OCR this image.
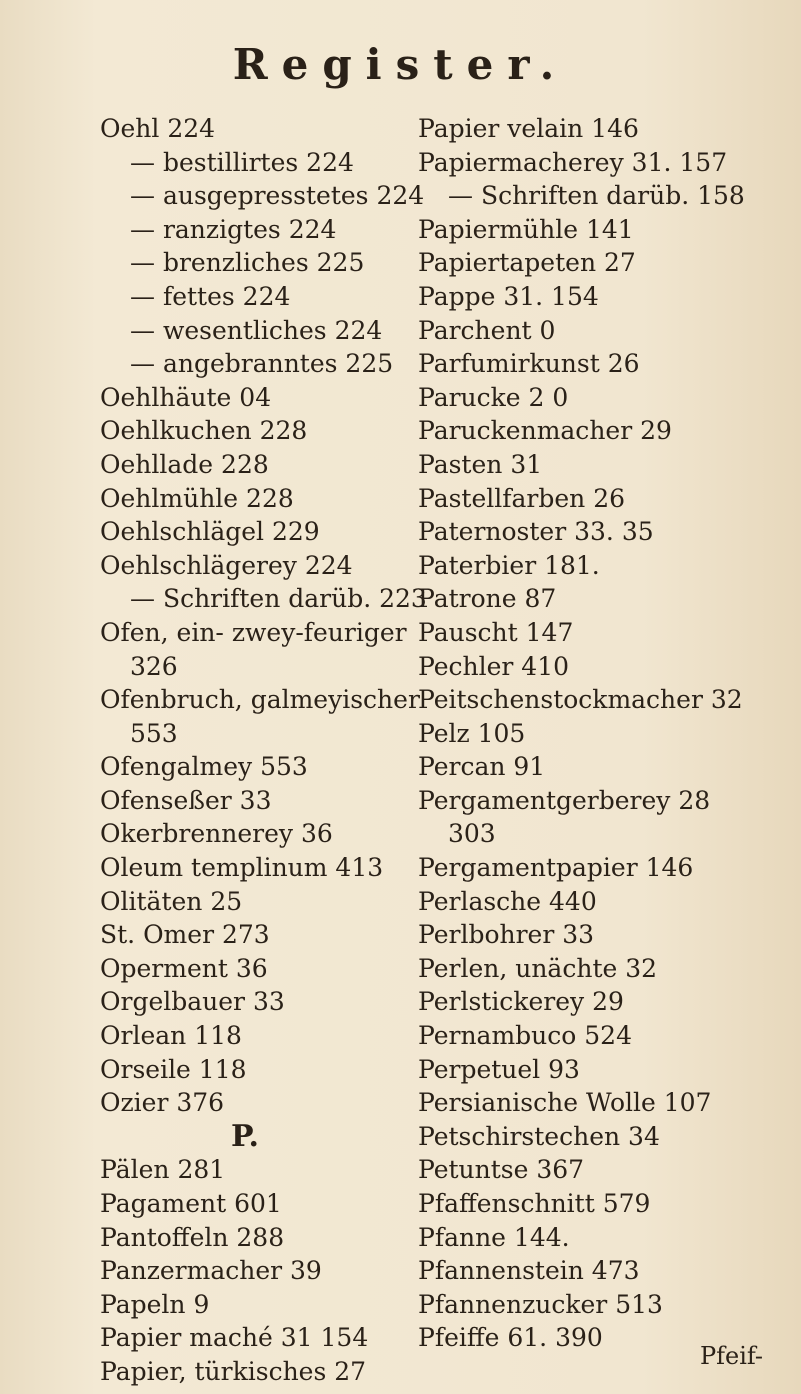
Register.
Oehl 224
— bestillirtes 224
— ausgepresstetes 224
— ranzigtes 224
— brenzliches 225
— fettes 224
— wesentliches 224
— angebranntes 225
Oehlhäute 04
Oehlkuchen 228
Oehllade 228
Oehlmühle 228
Oehlschlägel 229
Oehlschlägerey 224
— Schriften darüb. 223
Ofen, ein- zwey-feuriger
326
Ofenbruch, galmeyischer
553
Ofengalmey 553
Ofenseßer 33
Okerbrennerey 36
Oleum templinum 413
Olitäten 25
St. Omer 273
Operment 36
Orgelbauer 33
Orlean 118
Orseile 118
Ozier 376
P.
Pälen 281
Pagament 601
Pantoffeln 288
Panzermacher 39
Papeln 9
Papier maché 31 154
Papier, türkisches 27
Papier velain 146
Papiermacherey 31. 157
— Schriften darüb. 158
Papiermühle 141
Papiertapeten 27
Pappe 31. 154
Parchent 0
Parfumirkunst 26
Parucke 2 0
Paruckenmacher 29
Pasten 31
Pastellfarben 26
Paternoster 33. 35
Paterbier 181.
Patrone 87
Pauscht 147
Pechler 410
Peitschenstockmacher 32
Pelz 105
Percan 91
Pergamentgerberey 28
303
Pergamentpapier 146
Perlasche 440
Perlbohrer 33
Perlen, unächte 32
Perlstickerey 29
Pernambuco 524
Perpetuel 93
Persianische Wolle 107
Petschirstechen 34
Petuntse 367
Pfaffenschnitt 579
Pfanne 144.
Pfannenstein 473
Pfannenzucker 513
Pfeiffe 61. 390
Pfeif-
